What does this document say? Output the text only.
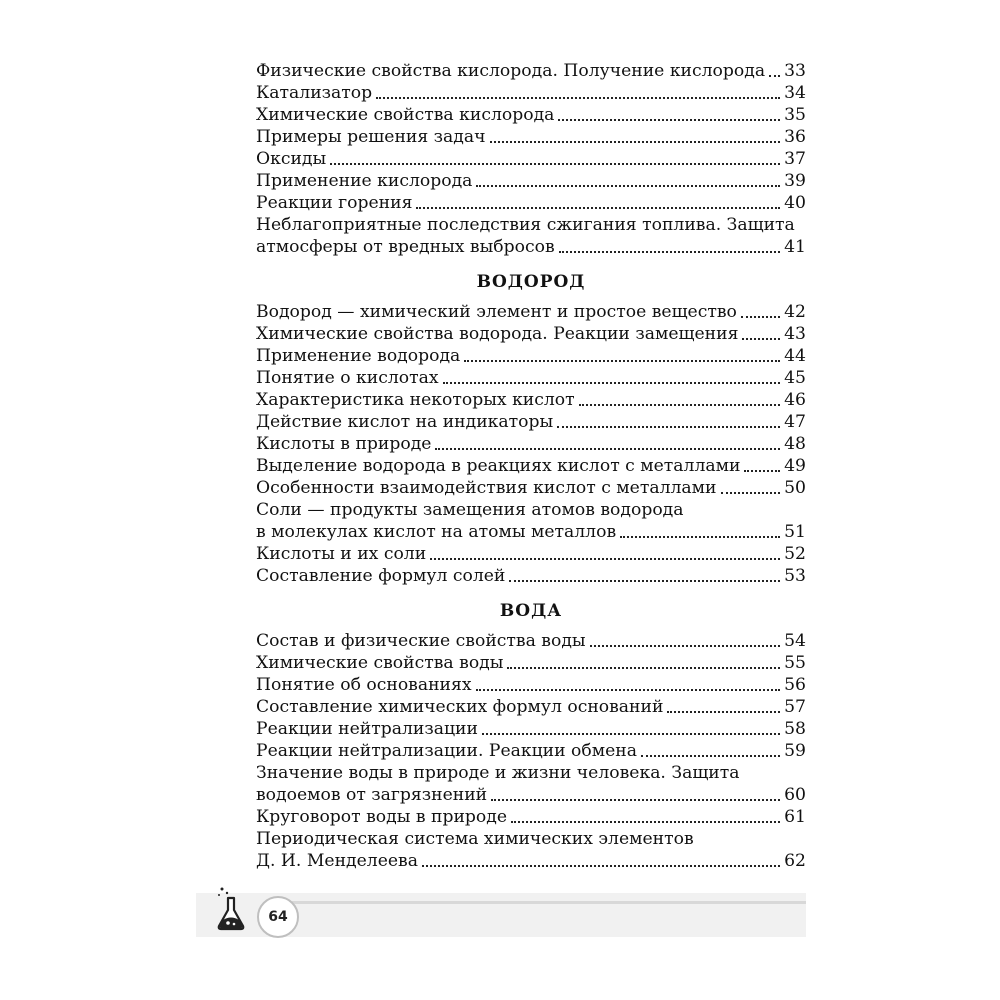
Физические свойства кислорода. Получение кислорода 33
Катализатор	34
Химические свойства кислорода	35
Примеры решения задач	36
Оксиды	37
Применение кислорода	39
Реакции горения	40
Неблагоприятные последствия сжигания топлива. Защита
атмосферы от вредных выбросов	41
ВОДОРОД
Водород — химический элемент и простое вещество	42
Химические свойства водорода. Реакции замещения	43
Применение водорода	44
Понятие о кислотах	45
Характеристика некоторых кислот	46
Действие кислот на индикаторы	47
Кислоты в природе	48
Выделение водорода в реакциях кислот с металлами	49
Особенности взаимодействия кислот с металлами	50
Соли — продукты замещения атомов водорода
в молекулах кислот на атомы металлов	51
Кислоты и их соли	52
Составление формул солей	53
ВОДА
Состав и физические свойства воды	54
Химические свойства воды	55
Понятие об основаниях	56
Составление химических формул оснований	57
Реакции нейтрализации	58
Реакции нейтрализации. Реакции обмена	59
Значение воды в природе и жизни человека. Защита
водоемов от загрязнений	60
Круговорот воды в природе	61
Периодическая система химических элементов
Д. И. Менделеева	62
64
